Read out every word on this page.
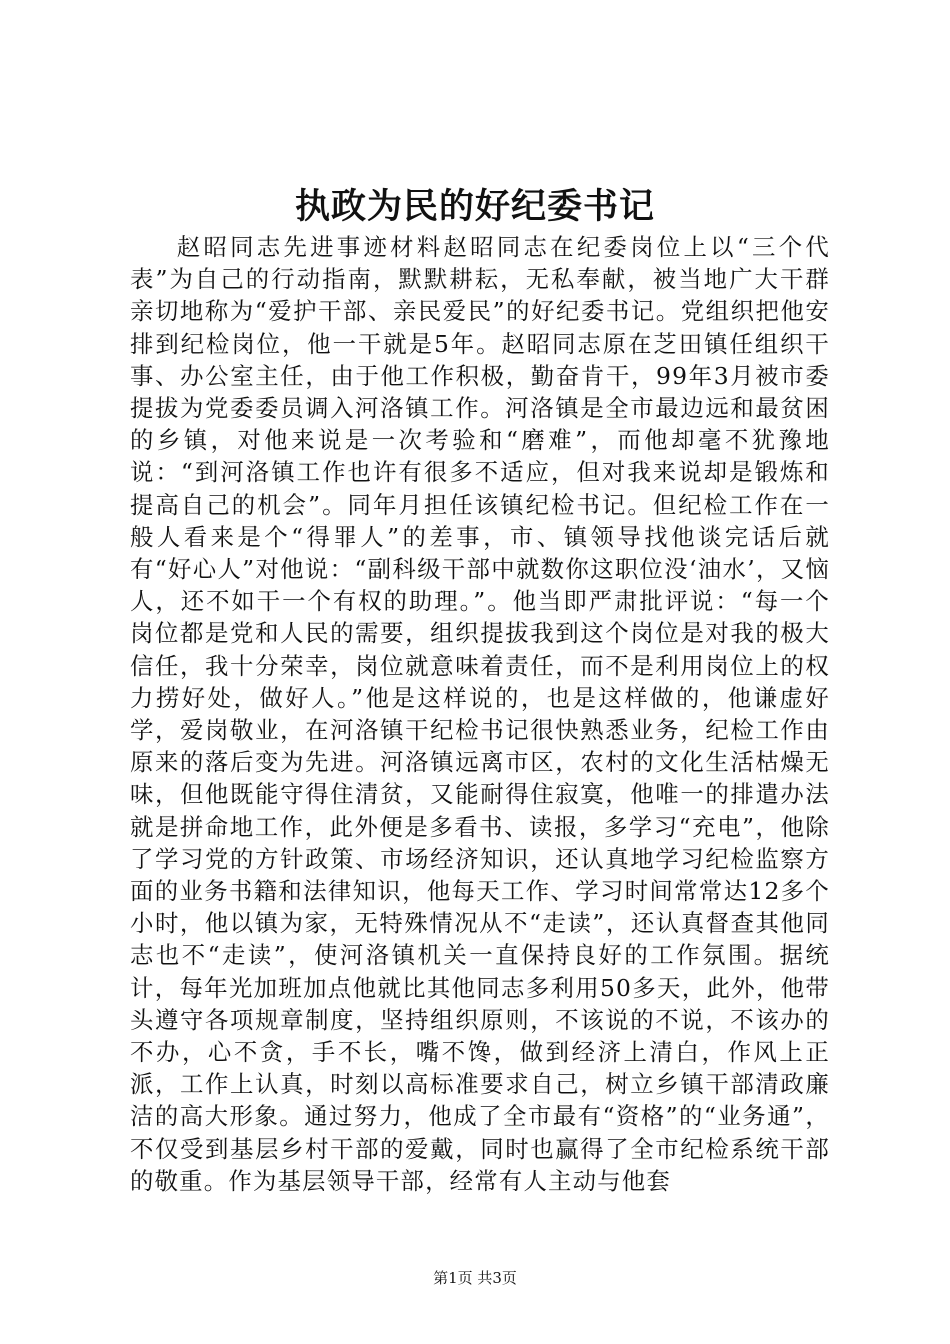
执政为民的好纪委书记

赵昭同志先进事迹材料赵昭同志在纪委岗位上以“三个代表”为自己的行动指南，默默耕耘，无私奉献，被当地广大干群亲切地称为“爱护干部、亲民爱民”的好纪委书记。党组织把他安排到纪检岗位，他一干就是5年。赵昭同志原在芝田镇任组织干事、办公室主任，由于他工作积极，勤奋肯干，99年3月被市委提拔为党委委员调入河洛镇工作。河洛镇是全市最边远和最贫困的乡镇，对他来说是一次考验和“磨难”，而他却毫不犹豫地说：“到河洛镇工作也许有很多不适应，但对我来说却是锻炼和提高自己的机会”。同年月担任该镇纪检书记。但纪检工作在一般人看来是个“得罪人”的差事，市、镇领导找他谈完话后就有“好心人”对他说：“副科级干部中就数你这职位没‘油水’，又恼人，还不如干一个有权的助理。”。他当即严肃批评说：“每一个岗位都是党和人民的需要，组织提拔我到这个岗位是对我的极大信任，我十分荣幸，岗位就意味着责任，而不是利用岗位上的权力捞好处，做好人。”他是这样说的，也是这样做的，他谦虚好学，爱岗敬业，在河洛镇干纪检书记很快熟悉业务，纪检工作由原来的落后变为先进。河洛镇远离市区，农村的文化生活枯燥无味，但他既能守得住清贫，又能耐得住寂寞，他唯一的排遣办法就是拼命地工作，此外便是多看书、读报，多学习“充电”，他除了学习党的方针政策、市场经济知识，还认真地学习纪检监察方面的业务书籍和法律知识，他每天工作、学习时间常常达12多个小时，他以镇为家，无特殊情况从不“走读”，还认真督查其他同志也不“走读”，使河洛镇机关一直保持良好的工作氛围。据统计，每年光加班加点他就比其他同志多利用50多天，此外，他带头遵守各项规章制度，坚持组织原则，不该说的不说，不该办的不办，心不贪，手不长，嘴不馋，做到经济上清白，作风上正派，工作上认真，时刻以高标准要求自己，树立乡镇干部清政廉洁的高大形象。通过努力，他成了全市最有“资格”的“业务通”，不仅受到基层乡村干部的爱戴，同时也赢得了全市纪检系统干部的敬重。作为基层领导干部，经常有人主动与他套

第1页 共3页
